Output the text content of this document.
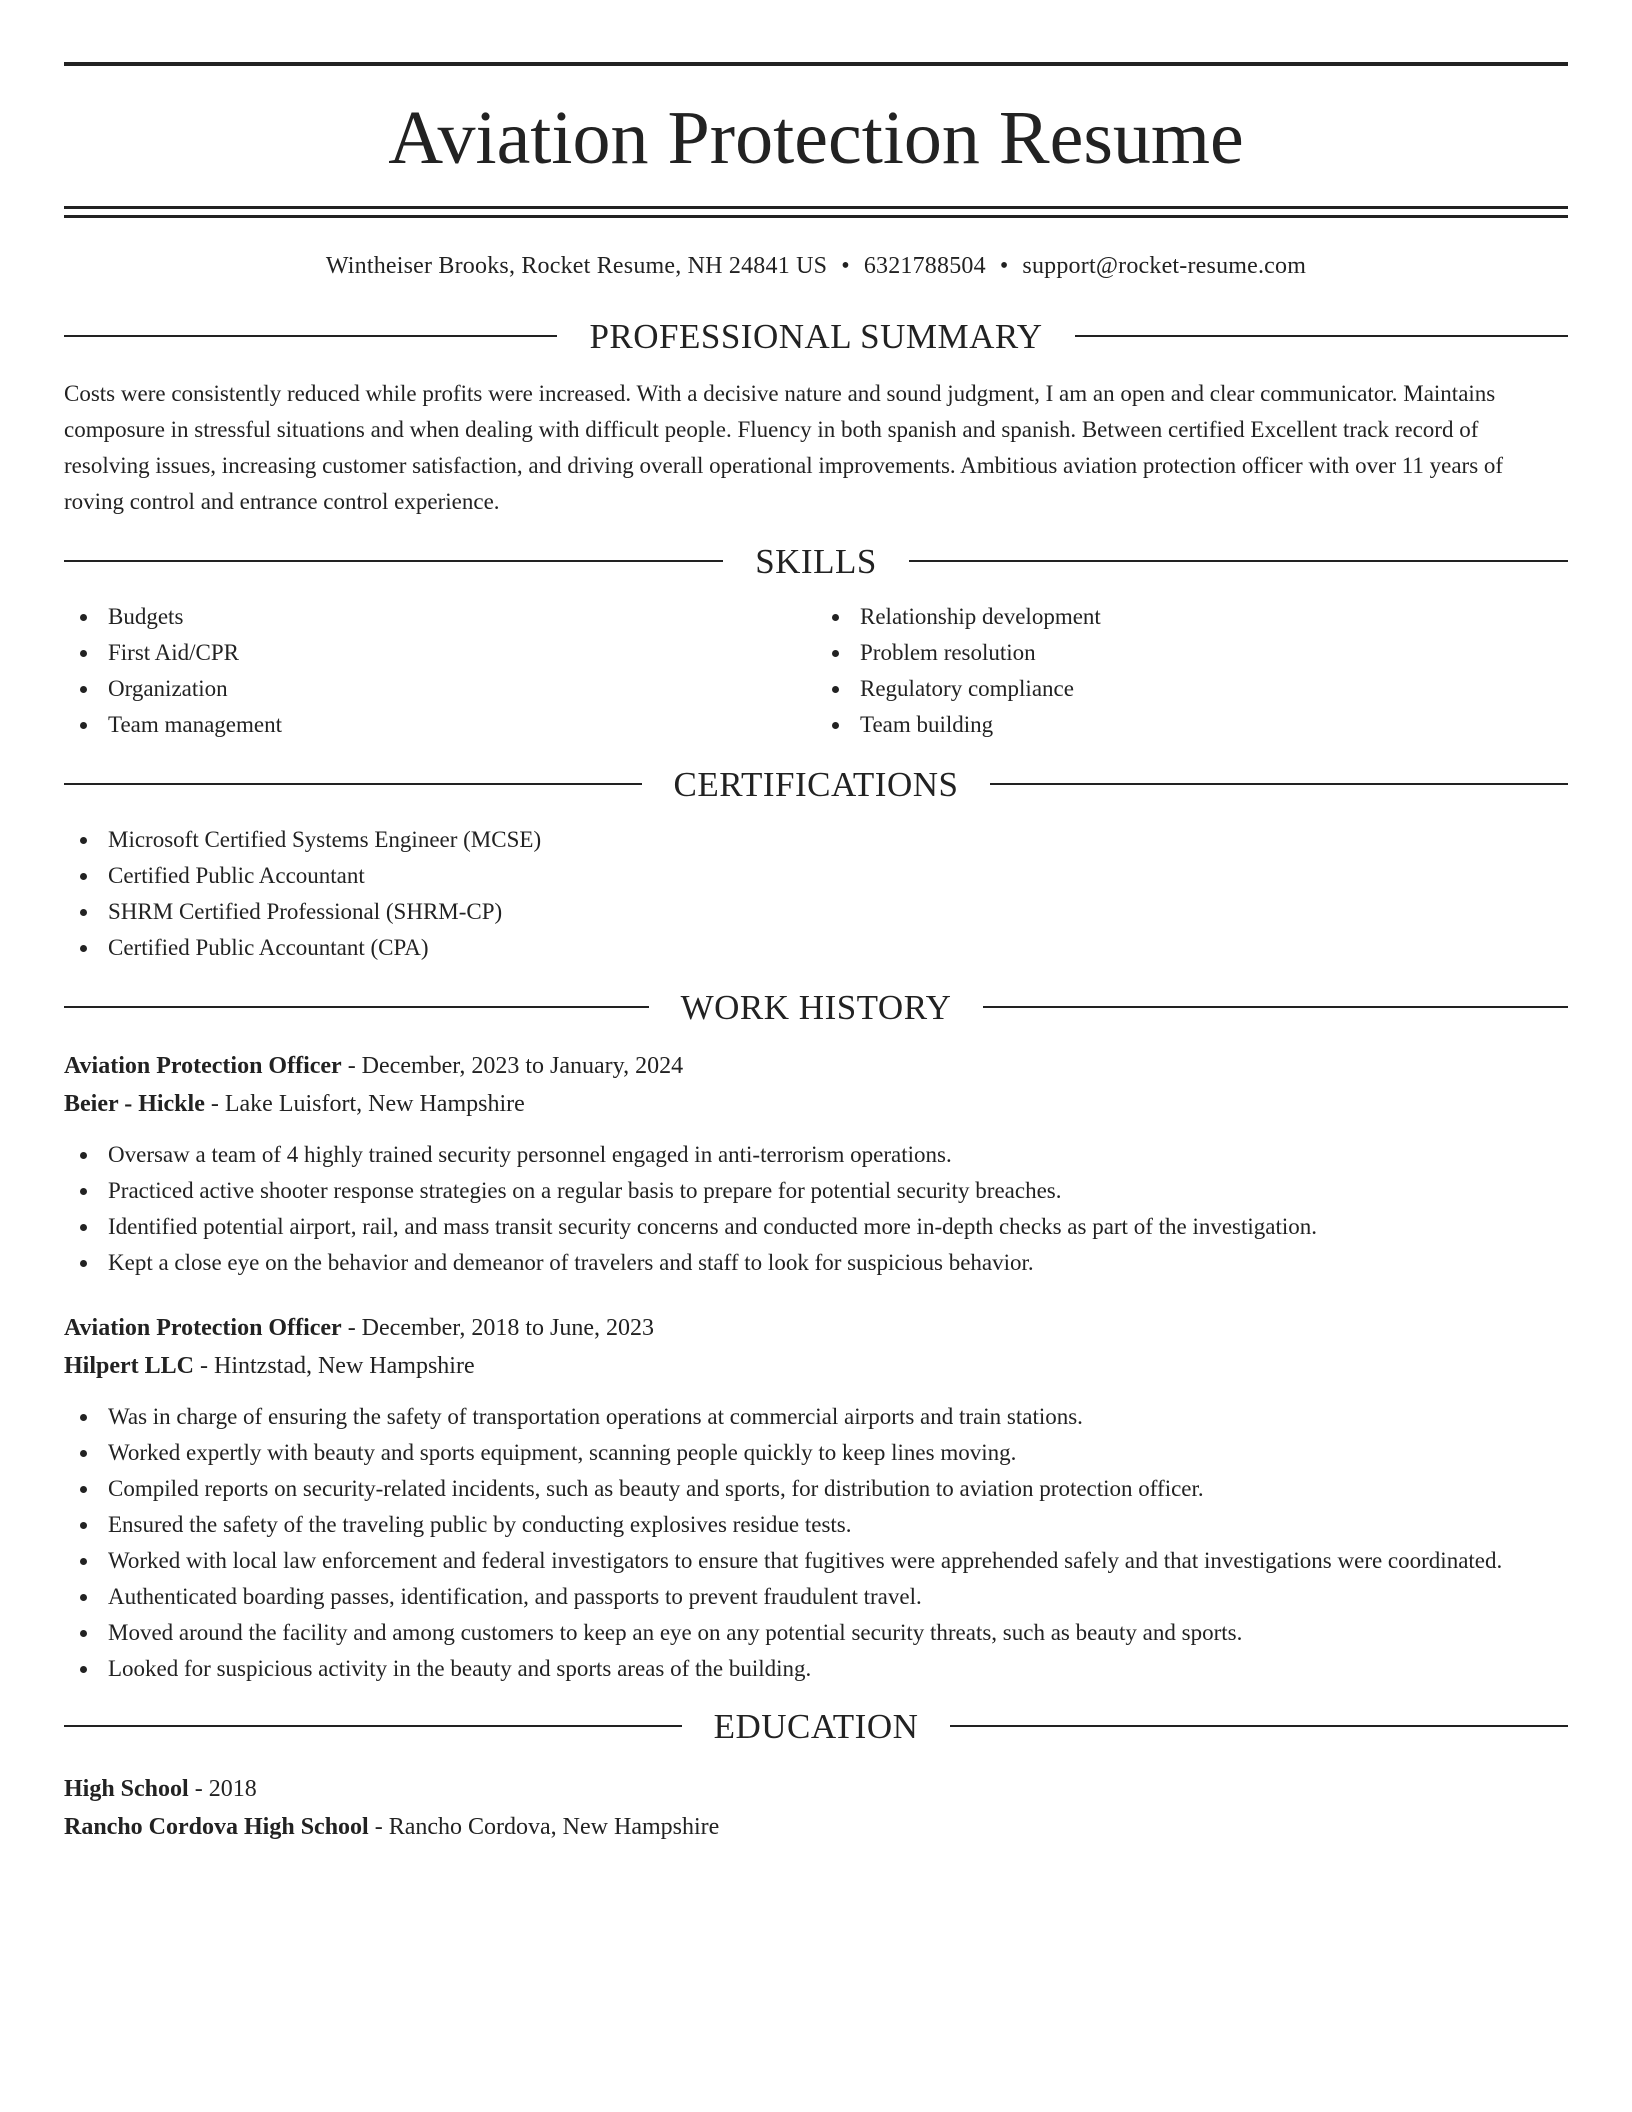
Aviation Protection Resume
Wintheiser Brooks, Rocket Resume, NH 24841 US • 6321788504 • support@rocket-resume.com
PROFESSIONAL SUMMARY

Costs were consistently reduced while profits were increased. With a decisive nature and sound judgment, I am an open and clear communicator. Maintains composure in stressful situations and when dealing with difficult people. Fluency in both spanish and spanish. Between certified Excellent track record of resolving issues, increasing customer satisfaction, and driving overall operational improvements. Ambitious aviation protection officer with over 11 years of roving control and entrance control experience.

SKILLS
Budgets
First Aid/CPR
Organization
Team management
Relationship development
Problem resolution
Regulatory compliance
Team building
CERTIFICATIONS
Microsoft Certified Systems Engineer (MCSE)
Certified Public Accountant
SHRM Certified Professional (SHRM-CP)
Certified Public Accountant (CPA)
WORK HISTORY
Aviation Protection Officer - December, 2023 to January, 2024
Beier - Hickle - Lake Luisfort, New Hampshire
Oversaw a team of 4 highly trained security personnel engaged in anti-terrorism operations.
Practiced active shooter response strategies on a regular basis to prepare for potential security breaches.
Identified potential airport, rail, and mass transit security concerns and conducted more in-depth checks as part of the investigation.
Kept a close eye on the behavior and demeanor of travelers and staff to look for suspicious behavior.
Aviation Protection Officer - December, 2018 to June, 2023
Hilpert LLC - Hintzstad, New Hampshire
Was in charge of ensuring the safety of transportation operations at commercial airports and train stations.
Worked expertly with beauty and sports equipment, scanning people quickly to keep lines moving.
Compiled reports on security-related incidents, such as beauty and sports, for distribution to aviation protection officer.
Ensured the safety of the traveling public by conducting explosives residue tests.
Worked with local law enforcement and federal investigators to ensure that fugitives were apprehended safely and that investigations were coordinated.
Authenticated boarding passes, identification, and passports to prevent fraudulent travel.
Moved around the facility and among customers to keep an eye on any potential security threats, such as beauty and sports.
Looked for suspicious activity in the beauty and sports areas of the building.
EDUCATION
High School - 2018
Rancho Cordova High School - Rancho Cordova, New Hampshire
